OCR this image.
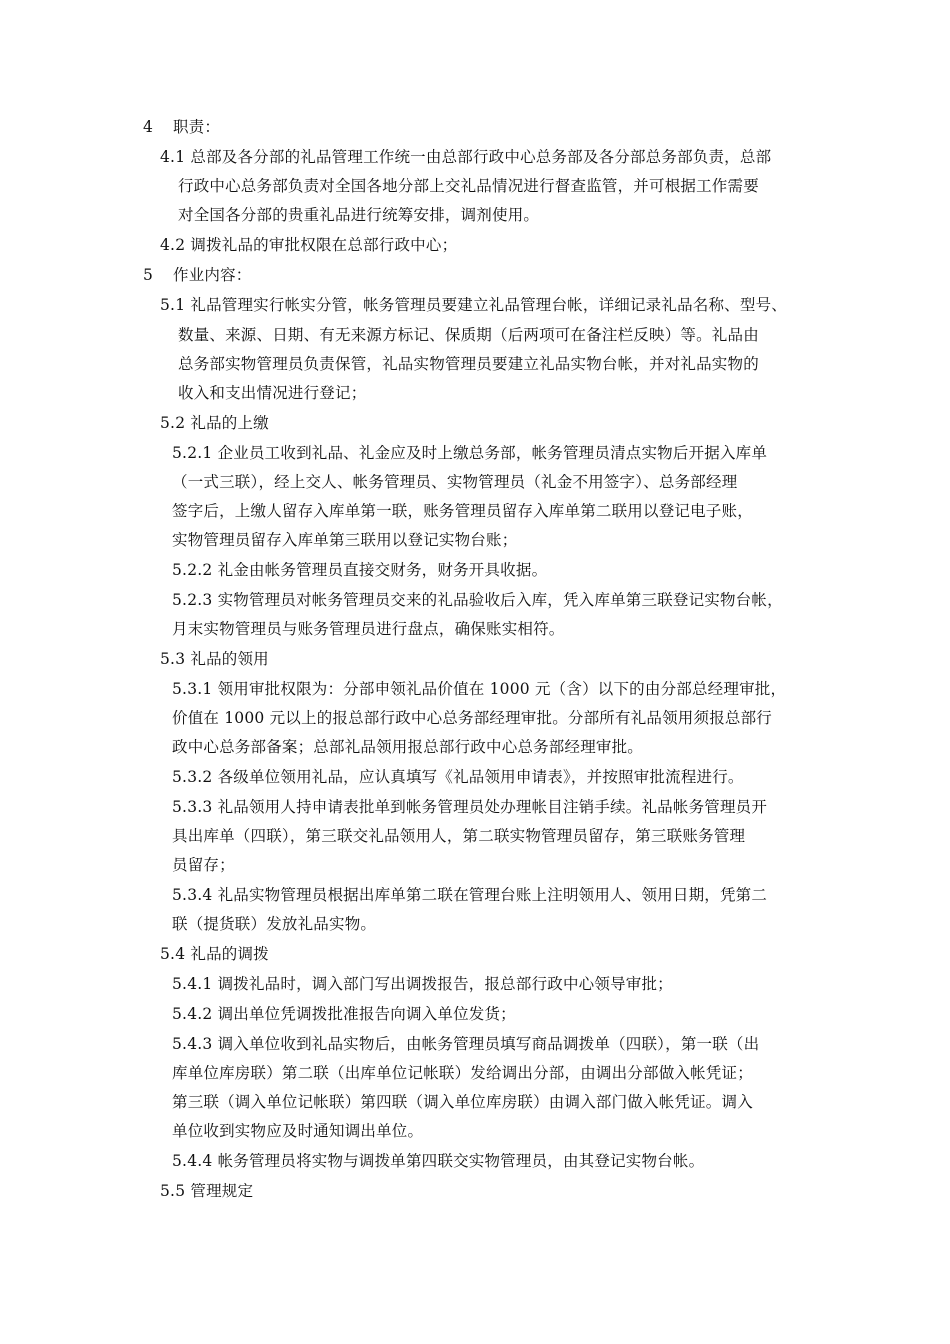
4 职责：
4.1 总部及各分部的礼品管理工作统一由总部行政中心总务部及各分部总务部负责，总部
行政中心总务部负责对全国各地分部上交礼品情况进行督查监管，并可根据工作需要
对全国各分部的贵重礼品进行统筹安排，调剂使用。
4.2 调拨礼品的审批权限在总部行政中心；
5 作业内容：
5.1 礼品管理实行帐实分管，帐务管理员要建立礼品管理台帐，详细记录礼品名称、型号、
数量、来源、日期、有无来源方标记、保质期（后两项可在备注栏反映）等。礼品由
总务部实物管理员负责保管，礼品实物管理员要建立礼品实物台帐，并对礼品实物的
收入和支出情况进行登记；
5.2 礼品的上缴
5.2.1 企业员工收到礼品、礼金应及时上缴总务部，帐务管理员清点实物后开据入库单
（一式三联），经上交人、帐务管理员、实物管理员（礼金不用签字）、总务部经理
签字后，上缴人留存入库单第一联，账务管理员留存入库单第二联用以登记电子账，
实物管理员留存入库单第三联用以登记实物台账；
5.2.2 礼金由帐务管理员直接交财务，财务开具收据。
5.2.3 实物管理员对帐务管理员交来的礼品验收后入库，凭入库单第三联登记实物台帐，
月末实物管理员与账务管理员进行盘点，确保账实相符。
5.3 礼品的领用
5.3.1 领用审批权限为：分部申领礼品价值在 1000 元（含）以下的由分部总经理审批，
价值在 1000 元以上的报总部行政中心总务部经理审批。分部所有礼品领用须报总部行
政中心总务部备案；总部礼品领用报总部行政中心总务部经理审批。
5.3.2 各级单位领用礼品，应认真填写《礼品领用申请表》，并按照审批流程进行。
5.3.3 礼品领用人持申请表批单到帐务管理员处办理帐目注销手续。礼品帐务管理员开
具出库单（四联），第三联交礼品领用人，第二联实物管理员留存，第三联账务管理
员留存；
5.3.4 礼品实物管理员根据出库单第二联在管理台账上注明领用人、领用日期，凭第二
联（提货联）发放礼品实物。
5.4 礼品的调拨
5.4.1 调拨礼品时，调入部门写出调拨报告，报总部行政中心领导审批；
5.4.2 调出单位凭调拨批准报告向调入单位发货；
5.4.3 调入单位收到礼品实物后，由帐务管理员填写商品调拨单（四联），第一联（出
库单位库房联）第二联（出库单位记帐联）发给调出分部，由调出分部做入帐凭证；
第三联（调入单位记帐联）第四联（调入单位库房联）由调入部门做入帐凭证。调入
单位收到实物应及时通知调出单位。
5.4.4 帐务管理员将实物与调拨单第四联交实物管理员，由其登记实物台帐。
5.5 管理规定
